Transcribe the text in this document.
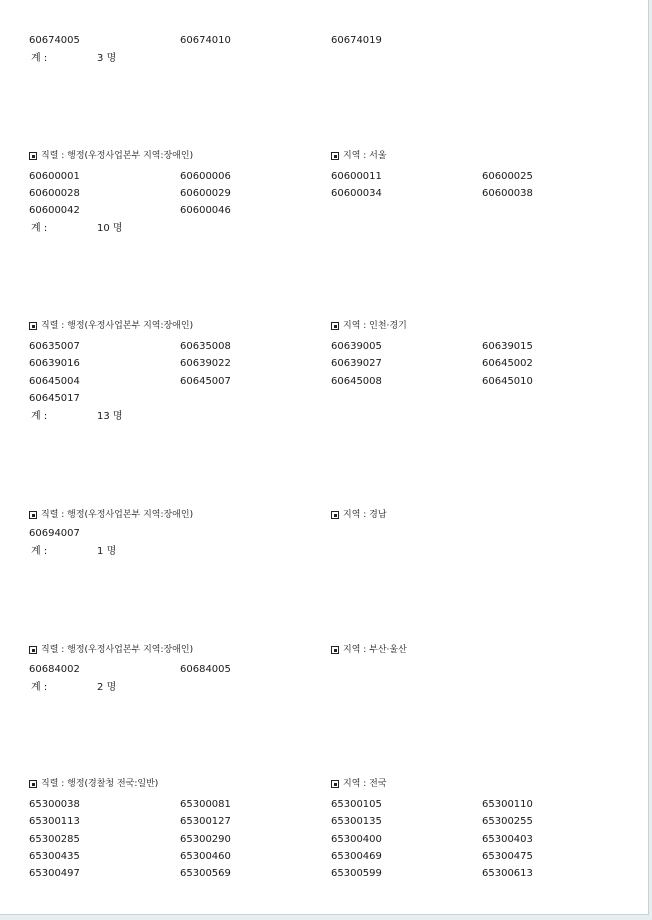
60674005	60674010	60674019
계 :	3 명
직렬 : 행정(우정사업본부 지역:장애인)	지역 : 서울
60600001	60600006	60600011	60600025
60600028	60600029	60600034	60600038
60600042	60600046
계 :	10 명
직렬 : 행정(우정사업본부 지역:장애인)	지역 : 인천·경기
60635007	60635008	60639005	60639015
60639016	60639022	60639027	60645002
60645004	60645007	60645008	60645010
60645017
계 :	13 명
직렬 : 행정(우정사업본부 지역:장애인)	지역 : 경남
60694007
계 :	1 명
직렬 : 행정(우정사업본부 지역:장애인)	지역 : 부산·울산
60684002	60684005
계 :	2 명
직렬 : 행정(경찰청 전국:일반)	지역 : 전국
65300038	65300081	65300105	65300110
65300113	65300127	65300135	65300255
65300285	65300290	65300400	65300403
65300435	65300460	65300469	65300475
65300497	65300569	65300599	65300613
